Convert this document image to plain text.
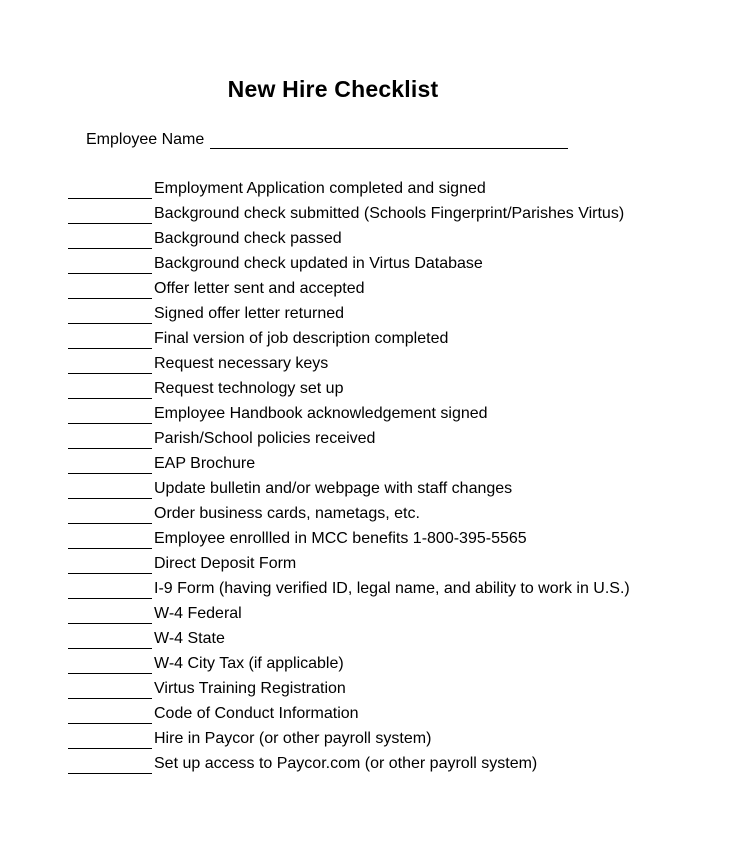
New Hire Checklist
Employee Name
Employment Application completed and signed
Background check submitted (Schools Fingerprint/Parishes Virtus)
Background check passed
Background check updated in Virtus Database
Offer letter sent and accepted
Signed offer letter returned
Final version of job description completed
Request necessary keys
Request technology set up
Employee Handbook acknowledgement signed
Parish/School policies received
EAP Brochure
Update bulletin and/or webpage with staff changes
Order business cards, nametags, etc.
Employee enrollled in MCC benefits 1-800-395-5565
Direct Deposit Form
I-9 Form (having verified ID, legal name, and ability to work in U.S.)
W-4 Federal
W-4 State
W-4 City Tax (if applicable)
Virtus Training Registration
Code of Conduct Information
Hire in Paycor (or other payroll system)
Set up access to Paycor.com (or other payroll system)
